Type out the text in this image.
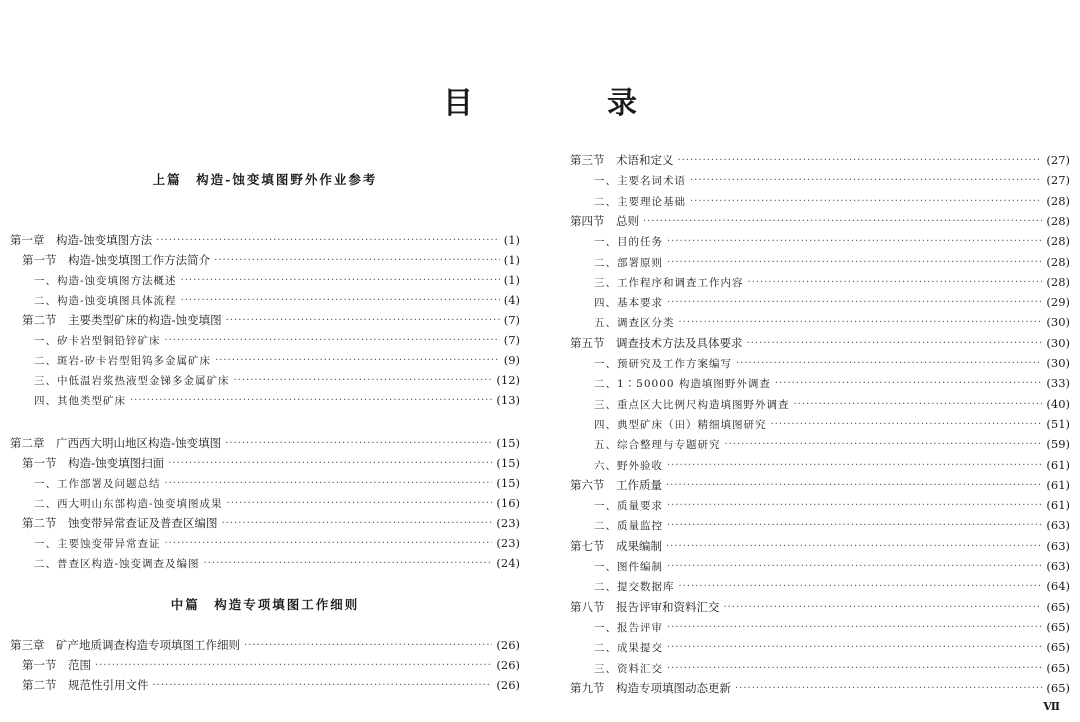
目　录
上篇　构造-蚀变填图野外作业参考
第一章　构造-蚀变填图方法 ·····	(1)
第一节　构造-蚀变填图工作方法简介 ·····	(1)
一、构造-蚀变填图方法概述 ·····	(1)
二、构造-蚀变填图具体流程 ·····	(4)
第二节　主要类型矿床的构造-蚀变填图 ·····	(7)
一、矽卡岩型铜铅锌矿床 ·····	(7)
二、斑岩-矽卡岩型钼钨多金属矿床 ·····	(9)
三、中低温岩浆热液型金锑多金属矿床 ·····	(12)
四、其他类型矿床 ·····	(13)
第二章　广西西大明山地区构造-蚀变填图 ·····	(15)
第一节　构造-蚀变填图扫面 ·····	(15)
一、工作部署及问题总结 ·····	(15)
二、西大明山东部构造-蚀变填图成果 ·····	(16)
第二节　蚀变带异常查证及普查区编图 ·····	(23)
一、主要蚀变带异常查证 ·····	(23)
二、普查区构造-蚀变调查及编图 ·····	(24)
中篇　构造专项填图工作细则
第三章　矿产地质调查构造专项填图工作细则 ·····	(26)
第一节　范围 ·····	(26)
第二节　规范性引用文件 ·····	(26)
第三节　术语和定义 ·····	(27)
一、主要名词术语 ·····	(27)
二、主要理论基础 ·····	(28)
第四节　总则 ·····	(28)
一、目的任务 ·····	(28)
二、部署原则 ·····	(28)
三、工作程序和调查工作内容 ·····	(28)
四、基本要求 ·····	(29)
五、调查区分类 ·····	(30)
第五节　调查技术方法及具体要求 ·····	(30)
一、预研究及工作方案编写 ·····	(30)
二、1∶50000 构造填图野外调查 ·····	(33)
三、重点区大比例尺构造填图野外调查 ·····	(40)
四、典型矿床（田）精细填图研究 ·····	(51)
五、综合整理与专题研究 ·····	(59)
六、野外验收 ·····	(61)
第六节　工作质量 ·····	(61)
一、质量要求 ·····	(61)
二、质量监控 ·····	(63)
第七节　成果编制 ·····	(63)
一、图件编制 ·····	(63)
二、提交数据库 ·····	(64)
第八节　报告评审和资料汇交 ·····	(65)
一、报告评审 ·····	(65)
二、成果提交 ·····	(65)
三、资料汇交 ·····	(65)
第九节　构造专项填图动态更新 ·····	(65)
Ⅶ
